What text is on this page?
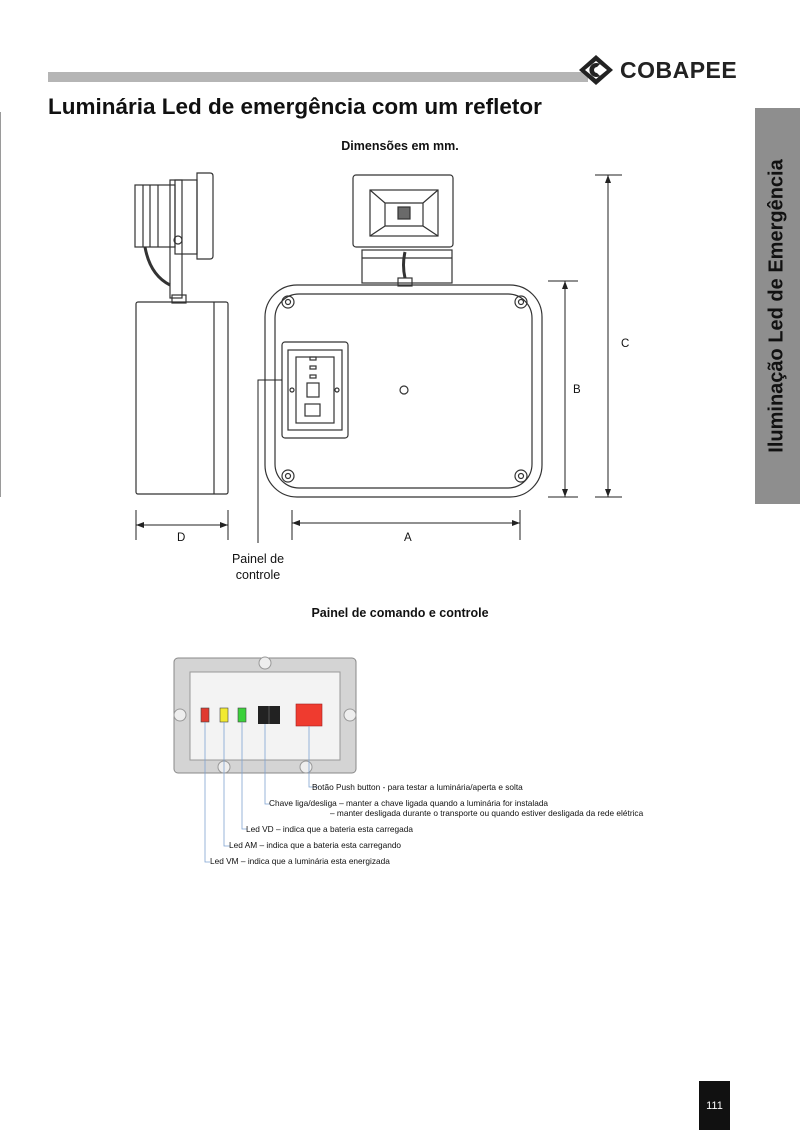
COBAPEE
Luminária Led de emergência com um refletor
Iluminação Led de Emergência
Dimensões em mm.
D	A
B
C
Painel de
controle
Painel de comando e controle
Botão Push button - para testar a luminária/aperta e solta
Chave liga/desliga – manter a chave ligada quando a luminária for instalada
– manter desligada durante o transporte ou quando estiver desligada da rede elétrica
Led VD – indica que a bateria esta carregada
Led AM – indica que a bateria esta carregando
Led VM – indica que a luminária esta energizada
111
